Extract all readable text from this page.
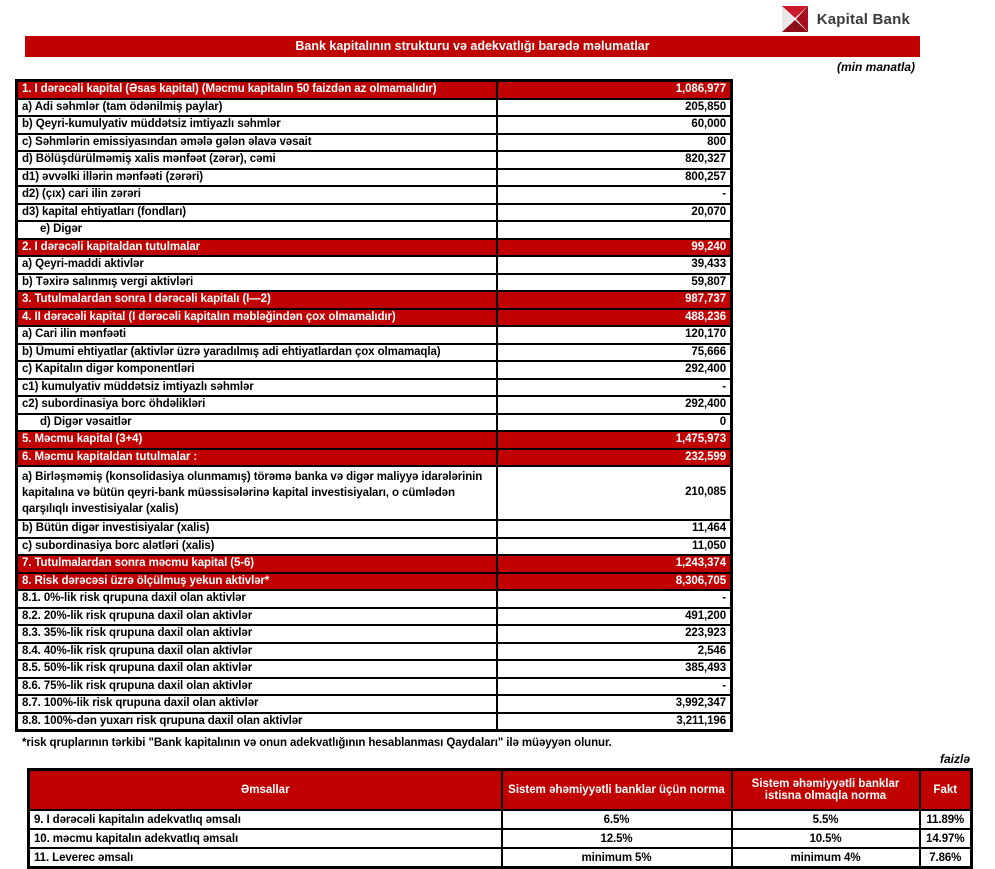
Kapital Bank
Bank kapitalının strukturu və adekvatlığı barədə məlumatlar
(min manatla)
1. I dərəcəli kapital (Əsas kapital) (Məcmu kapitalın 50 faizdən az olmamalıdır)	1,086,977
a) Adi səhmlər (tam ödənilmiş paylar)	205,850
b) Qeyri-kumulyativ müddətsiz imtiyazlı səhmlər	60,000
c) Səhmlərin emissiyasından əmələ gələn əlavə vəsait	800
d) Bölüşdürülməmiş xalis mənfəət (zərər), cəmi	820,327
d1) əvvəlki illərin mənfəəti (zərəri)	800,257
d2) (çıx) cari ilin zərəri	-
d3) kapital ehtiyatları (fondları)	20,070
e) Digər	
2. I dərəcəli kapitaldan tutulmalar	99,240
a) Qeyri-maddi aktivlər	39,433
b) Təxirə salınmış vergi aktivləri	59,807
3. Tutulmalardan sonra I dərəcəli kapitalı (I—2)	987,737
4. II dərəcəli kapital (I dərəcəli kapitalın məbləğindən çox olmamalıdır)	488,236
a) Cari ilin mənfəəti	120,170
b) Ümumi ehtiyatlar (aktivlər üzrə yaradılmış adi ehtiyatlardan çox olmamaqla)	75,666
c) Kapitalın digər komponentləri	292,400
c1) kumulyativ müddətsiz imtiyazlı səhmlər	-
c2) subordinasiya borc öhdəlikləri	292,400
d) Digər vəsaitlər	0
5. Məcmu kapital (3+4)	1,475,973
6. Məcmu kapitaldan tutulmalar :	232,599
a) Birləşməmiş (konsolidasiya olunmamış) törəmə banka və digər maliyyə idarələrinin kapitalına və bütün qeyri-bank müəssisələrinə kapital investisiyaları, o cümlədən qarşılıqlı investisiyalar (xalis)	210,085
b) Bütün digər investisiyalar (xalis)	11,464
c) subordinasiya borc alətləri (xalis)	11,050
7. Tutulmalardan sonra məcmu kapital (5-6)	1,243,374
8. Risk dərəcəsi üzrə ölçülmuş yekun aktivlər*	8,306,705
8.1. 0%-lik risk qrupuna daxil olan aktivlər	-
8.2. 20%-lik risk qrupuna daxil olan aktivlər	491,200
8.3. 35%-lik risk qrupuna daxil olan aktivlər	223,923
8.4. 40%-lik risk qrupuna daxil olan aktivlər	2,546
8.5. 50%-lik risk qrupuna daxil olan aktivlər	385,493
8.6. 75%-lik risk qrupuna daxil olan aktivlər	-
8.7. 100%-lik risk qrupuna daxil olan aktivlər	3,992,347
8.8. 100%-dən yuxarı risk qrupuna daxil olan aktivlər	3,211,196
*risk qruplarının tərkibi "Bank kapitalının və onun adekvatlığının hesablanması Qaydaları" ilə müəyyən olunur.
faizlə
Əmsallar	Sistem əhəmiyyətli banklar üçün norma	Sistem əhəmiyyətli banklar istisna olmaqla norma	Fakt
9. I dərəcəli kapitalın adekvatlıq əmsalı	6.5%	5.5%	11.89%
10. məcmu kapitalın adekvatlıq əmsalı	12.5%	10.5%	14.97%
11. Leverec əmsalı	minimum 5%	minimum 4%	7.86%
